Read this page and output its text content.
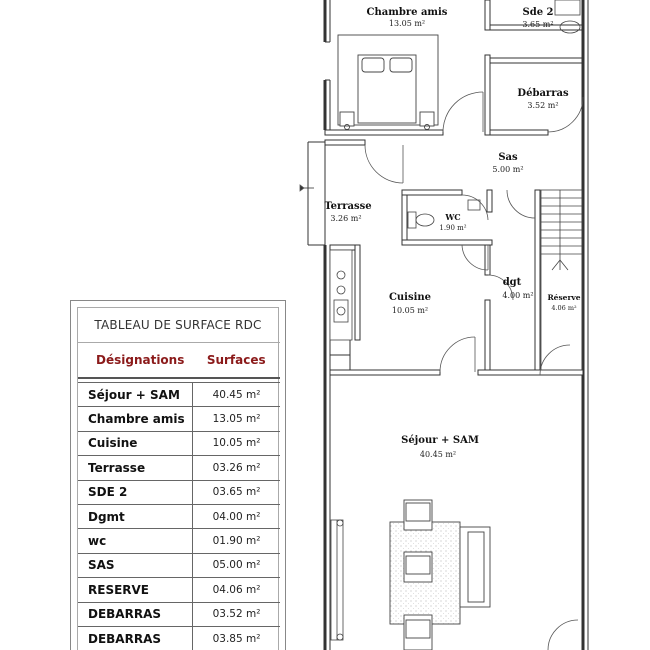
Chambre amis
13.05 m²
Sde 2
3.65 m²
Débarras
3.52 m²
Sas
5.00 m²
Terrasse
3.26 m²	WC
1.90 m²
dgt
4.00 m² Réserve
4.06 m²
Cuisine
10.05 m²
Séjour + SAM
40.45 m²
TABLEAU DE SURFACE RDC
Désignations	Surfaces

Séjour + SAM	40.45 m²
Chambre amis	13.05 m²
Cuisine	10.05 m²
Terrasse	03.26 m²
SDE 2	03.65 m²
Dgmt	04.00 m²
wc	01.90 m²
SAS	05.00 m²
RESERVE	04.06 m²
DEBARRAS	03.52 m²
DEBARRAS	03.85 m²
